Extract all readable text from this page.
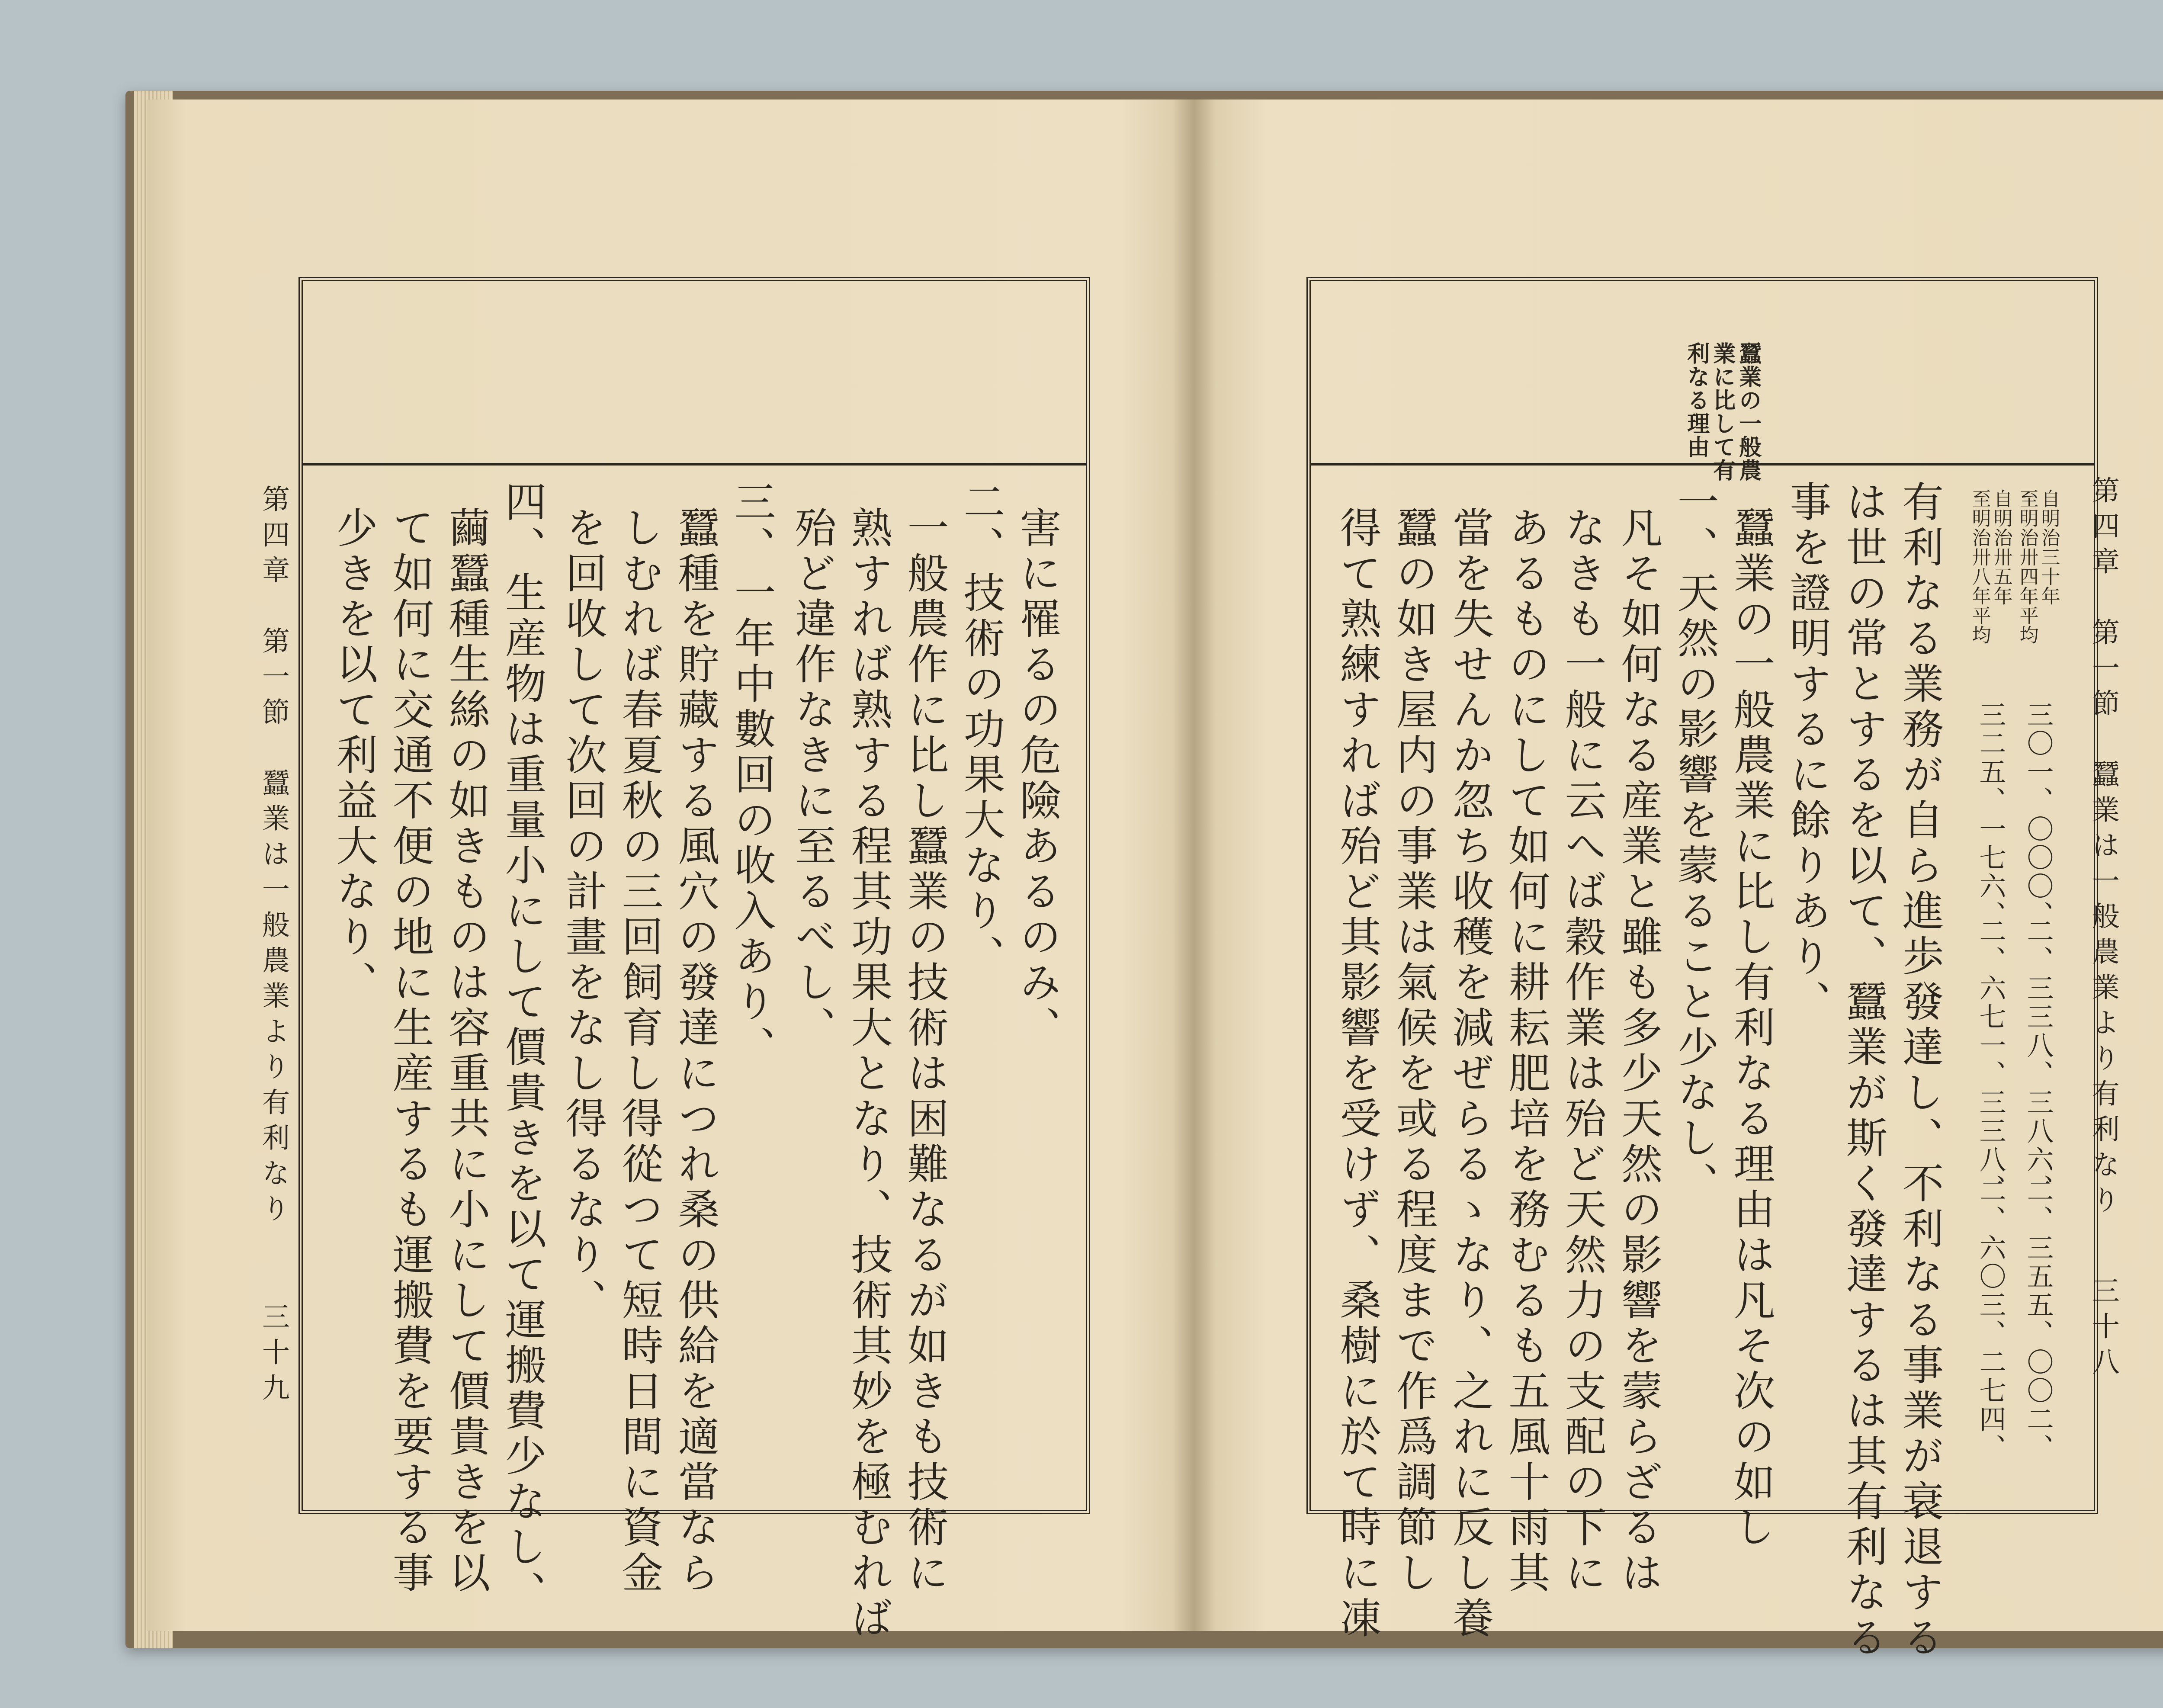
第四章　第一節　蠶業は一般農業より有利なり
三十九
害に罹るの危險あるのみ、
二、技術の功果大なり、
一般農作に比し蠶業の技術は困難なるが如きも技術に
熟すれば熟する程其功果大となり、技術其妙を極むれば
殆ど違作なきに至るべし、
三、一年中數回の收入あり、
蠶種を貯藏する風穴の發達につれ桑の供給を適當なら
しむれば春夏秋の三回飼育し得從つて短時日間に資金
を回收して次回の計畫をなし得るなり、
四、生産物は重量小にして價貴きを以て運搬費少なし、
繭蠶種生絲の如きものは容重共に小にして價貴きを以
て如何に交通不便の地に生産するも運搬費を要する事
少きを以て利益大なり、	第四章　第一節　蠶業は一般農業より有利なり
三十八
蠶業の一般農
業に比して有
利なる理由
自明治三十年
至明治卅四年平均
自明治卅五年
至明治卅八年平均
三〇一、〇〇〇、
二、三三八、三八六、
二、三五五、〇〇二、
三二五、一七六、
二、六七一、三三八、
二、六〇三、二七四、
有利なる業務が自ら進歩發達し、不利なる事業が衰退する
は世の常とするを以て、蠶業が斯く發達するは其有利なる
事を證明するに餘りあり、
蠶業の一般農業に比し有利なる理由は凡そ次の如し
一、天然の影響を蒙ること少なし、
凡そ如何なる産業と雖も多少天然の影響を蒙らざるは
なきも一般に云へば穀作業は殆ど天然力の支配の下に
あるものにして如何に耕耘肥培を務むるも五風十雨其
當を失せんか忽ち收穫を減ぜらるゝなり、之れに反し養
蠶の如き屋内の事業は氣候を或る程度まで作爲調節し
得て熟練すれば殆ど其影響を受けず、桑樹に於て時に凍
